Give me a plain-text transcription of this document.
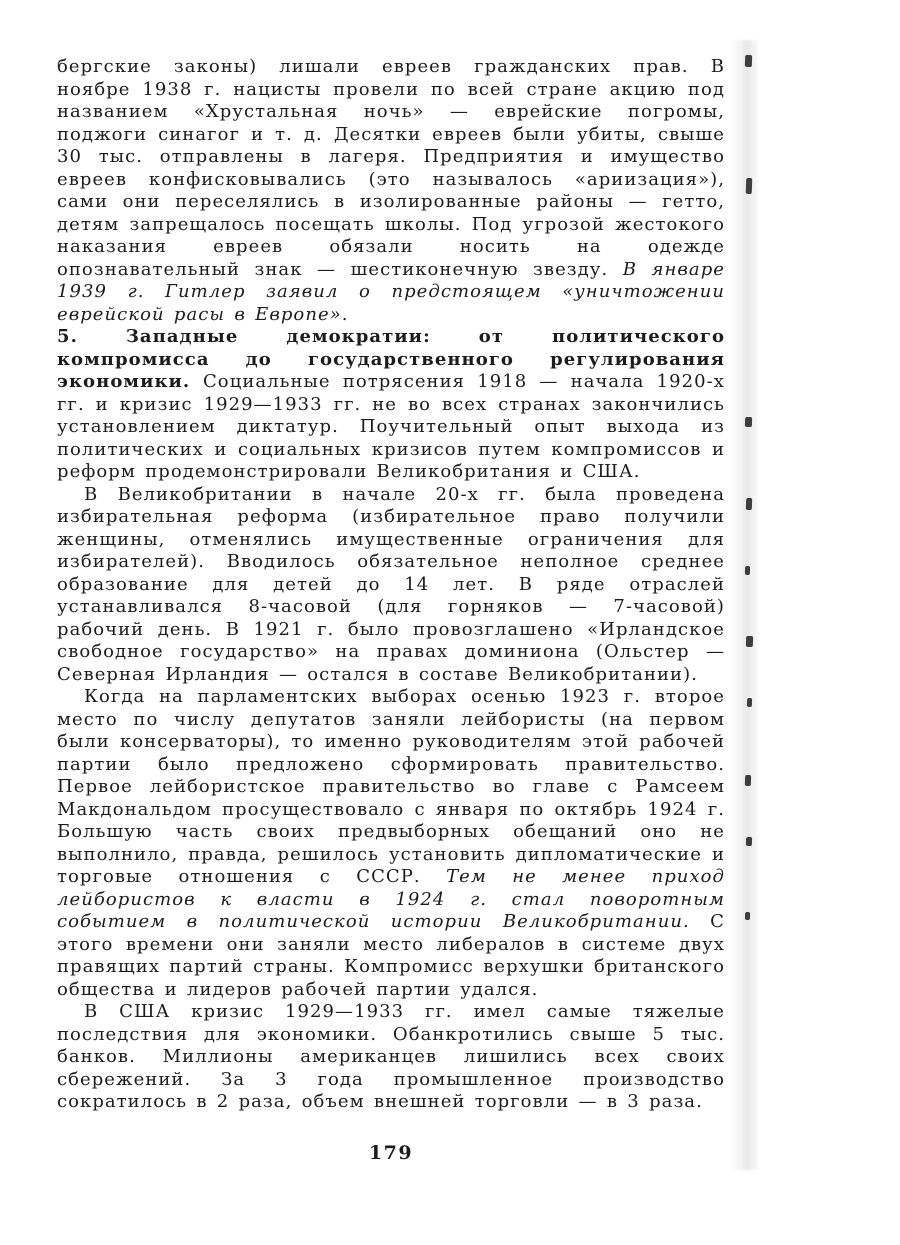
бергские законы) лишали евреев гражданских прав. В ноябре 1938 г. нацисты провели по всей стране акцию под названием «Хрустальная ночь» — еврейские погромы, поджоги синагог и т. д. Десятки евреев были убиты, свыше 30 тыс. отправлены в лагеря. Предприятия и имущество евреев конфисковывались (это называлось «ариизация»), сами они переселялись в изолированные районы — гетто, детям запрещалось посещать школы. Под угрозой жестокого наказания евреев обязали носить на одежде опознавательный знак — шестиконечную звезду. В январе 1939 г. Гитлер заявил о предстоящем «уничтожении еврейской расы в Европе».

5. Западные демократии: от политического компромисса до государственного регулирования экономики. Социальные потрясения 1918 — начала 1920-х гг. и кризис 1929—1933 гг. не во всех странах закончились установлением диктатур. Поучительный опыт выхода из политических и социальных кризисов путем компромиссов и реформ продемонстрировали Великобритания и США.

В Великобритании в начале 20-х гг. была проведена избирательная реформа (избирательное право получили женщины, отменялись имущественные ограничения для избирателей). Вводилось обязательное неполное среднее образование для детей до 14 лет. В ряде отраслей устанавливался 8-часовой (для горняков — 7-часовой) рабочий день. В 1921 г. было провозглашено «Ирландское свободное государство» на правах доминиона (Ольстер — Северная Ирландия — остался в составе Великобритании).

Когда на парламентских выборах осенью 1923 г. второе место по числу депутатов заняли лейбористы (на первом были консерваторы), то именно руководителям этой рабочей партии было предложено сформировать правительство. Первое лейбористское правительство во главе с Рамсеем Макдональдом просуществовало с января по октябрь 1924 г. Большую часть своих предвыборных обещаний оно не выполнило, правда, решилось установить дипломатические и торговые отношения с СССР. Тем не менее приход лейбористов к власти в 1924 г. стал поворотным событием в политической истории Великобритании. С этого времени они заняли место либералов в системе двух правящих партий страны. Компромисс верхушки британского общества и лидеров рабочей партии удался.

В США кризис 1929—1933 гг. имел самые тяжелые последствия для экономики. Обанкротились свыше 5 тыс. банков. Миллионы американцев лишились всех своих сбережений. За 3 года промышленное производство сократилось в 2 раза, объем внешней торговли — в 3 раза.

179
